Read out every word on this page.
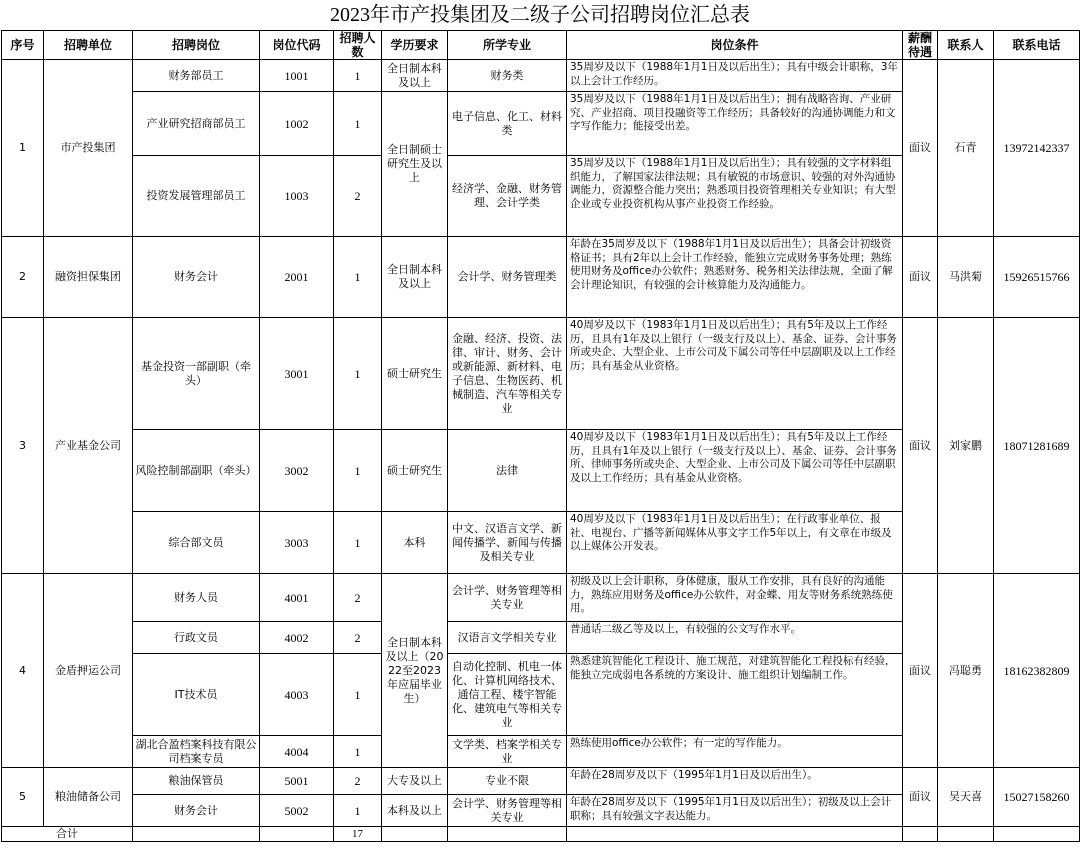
2023年市产投集团及二级子公司招聘岗位汇总表
序号	招聘单位	招聘岗位	岗位代码	招聘人数	学历要求	所学专业	岗位条件	薪酬待遇	联系人	联系电话
1	市产投集团	财务部员工	1001	1	全日制本科及以上	财务类	35周岁及以下（1988年1月1日及以后出生）；具有中级会计职称，3年以上会计工作经历。	面议	石青	13972142337
		产业研究招商部员工	1002	1	全日制硕士研究生及以上	电子信息、化工、材料类	35周岁及以下（1988年1月1日及以后出生）；拥有战略咨询、产业研究、产业招商、项目投融资等工作经历；具备较好的沟通协调能力和文字写作能力；能接受出差。			
		投资发展管理部员工	1003	2		经济学、金融、财务管理、会计学类	35周岁及以下（1988年1月1日及以后出生）；具有较强的文字材料组织能力，了解国家法律法规；具有敏锐的市场意识、较强的对外沟通协调能力，资源整合能力突出；熟悉项目投资管理相关专业知识；有大型企业或专业投资机构从事产业投资工作经验。			
2	融资担保集团	财务会计	2001	1	全日制本科及以上	会计学、财务管理类	年龄在35周岁及以下（1988年1月1日及以后出生）；具备会计初级资格证书；具有2年以上会计工作经验，能独立完成财务事务处理；熟练使用财务及office办公软件；熟悉财务、税务相关法律法规，全面了解会计理论知识，有较强的会计核算能力及沟通能力。	面议	马洪菊	15926515766
3	产业基金公司	基金投资一部副职（牵头）	3001	1	硕士研究生	金融、经济、投资、法律、审计、财务、会计或新能源、新材料、电子信息、生物医药、机械制造、汽车等相关专业	40周岁及以下（1983年1月1日及以后出生）；具有5年及以上工作经历，且具有1年及以上银行（一级支行及以上）、基金、证券、会计事务所或央企、大型企业、上市公司及下属公司等任中层副职及以上工作经历；具有基金从业资格。	面议	刘家鹏	18071281689
		风险控制部副职（牵头）	3002	1	硕士研究生	法律	40周岁及以下（1983年1月1日及以后出生）；具有5年及以上工作经历，且具有1年及以上银行（一级支行及以上）、基金、证券、会计事务所、律师事务所或央企、大型企业、上市公司及下属公司等任中层副职及以上工作经历；具有基金从业资格。			
		综合部文员	3003	1	本科	中文、汉语言文学、新闻传播学、新闻与传播及相关专业	40周岁及以下（1983年1月1日及以后出生）；在行政事业单位、报社、电视台、广播等新闻媒体从事文字工作5年以上，有文章在市级及以上媒体公开发表。			
4	金盾押运公司	财务人员	4001	2	全日制本科及以上（2022至2023年应届毕业生）	会计学、财务管理等相关专业	初级及以上会计职称，身体健康，服从工作安排，具有良好的沟通能力，熟练应用财务及office办公软件，对金蝶、用友等财务系统熟练使用。	面议	冯聪勇	18162382809
		行政文员	4002	2		汉语言文学相关专业	普通话二级乙等及以上，有较强的公文写作水平。			
		IT技术员	4003	1		自动化控制、机电一体化、计算机网络技术、通信工程、楼宇智能化、建筑电气等相关专业	熟悉建筑智能化工程设计、施工规范，对建筑智能化工程投标有经验，能独立完成弱电各系统的方案设计、施工组织计划编制工作。			
		湖北合盈档案科技有限公司档案专员	4004	1		文学类、档案学相关专业	熟练使用office办公软件；有一定的写作能力。			
5	粮油储备公司	粮油保管员	5001	2	大专及以上	专业不限	年龄在28周岁及以下（1995年1月1日及以后出生）。	面议	吴天喜	15027158260
		财务会计	5002	1	本科及以上	会计学、财务管理等相关专业	年龄在28周岁及以下（1995年1月1日及以后出生）；初级及以上会计职称；具有较强文字表达能力。			
合计				17						
